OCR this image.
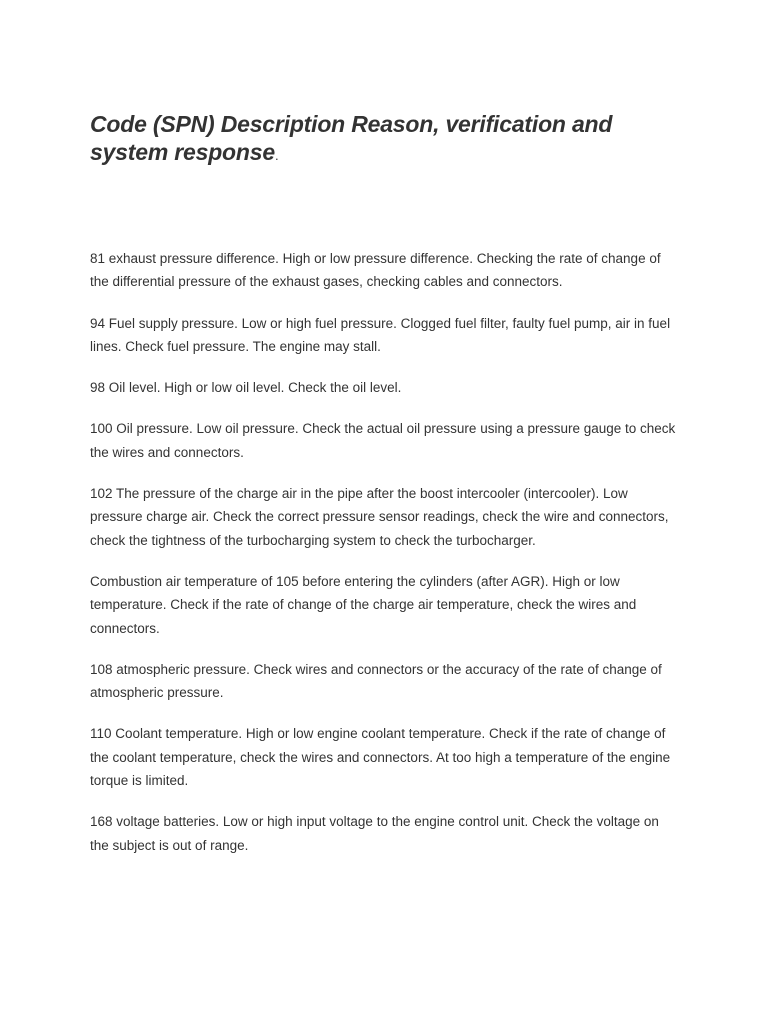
Code (SPN) Description Reason, verification and system response.

81 exhaust pressure difference. High or low pressure difference. Checking the rate of change of the differential pressure of the exhaust gases, checking cables and connectors.

94 Fuel supply pressure. Low or high fuel pressure. Clogged fuel filter, faulty fuel pump, air in fuel lines. Check fuel pressure. The engine may stall.

98 Oil level. High or low oil level. Check the oil level.

100 Oil pressure. Low oil pressure. Check the actual oil pressure using a pressure gauge to check the wires and connectors.

102 The pressure of the charge air in the pipe after the boost intercooler (intercooler). Low pressure charge air. Check the correct pressure sensor readings, check the wire and connectors, check the tightness of the turbocharging system to check the turbocharger.

Combustion air temperature of 105 before entering the cylinders (after AGR). High or low temperature. Check if the rate of change of the charge air temperature, check the wires and connectors.

108 atmospheric pressure. Check wires and connectors or the accuracy of the rate of change of atmospheric pressure.

110 Coolant temperature. High or low engine coolant temperature. Check if the rate of change of the coolant temperature, check the wires and connectors. At too high a temperature of the engine torque is limited.

168 voltage batteries. Low or high input voltage to the engine control unit. Check the voltage on the subject is out of range.
